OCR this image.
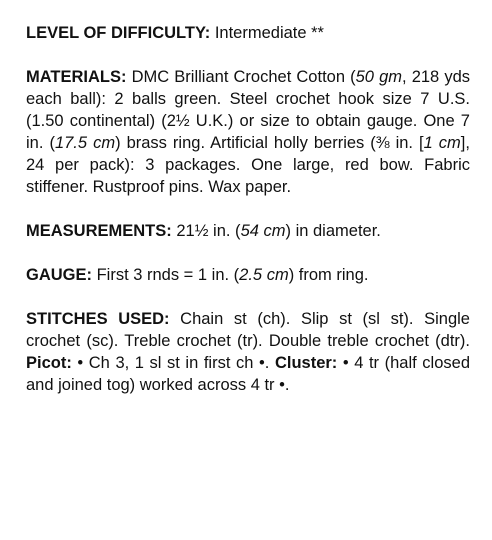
LEVEL OF DIFFICULTY: Intermediate **

MATERIALS: DMC Brilliant Crochet Cotton (50 gm, 218 yds each ball): 2 balls green. Steel crochet hook size 7 U.S. (1.50 continental) (2½ U.K.) or size to obtain gauge. One 7 in. (17.5 cm) brass ring. Artificial holly berries (⅜ in. [1 cm], 24 per pack): 3 packages. One large, red bow. Fabric stiffener. Rustproof pins. Wax paper.

MEASUREMENTS: 21½ in. (54 cm) in diameter.

GAUGE: First 3 rnds = 1 in. (2.5 cm) from ring.

STITCHES USED: Chain st (ch). Slip st (sl st). Single crochet (sc). Treble crochet (tr). Double treble crochet (dtr). Picot: • Ch 3, 1 sl st in first ch •. Cluster: • 4 tr (half closed and joined tog) worked across 4 tr •.
